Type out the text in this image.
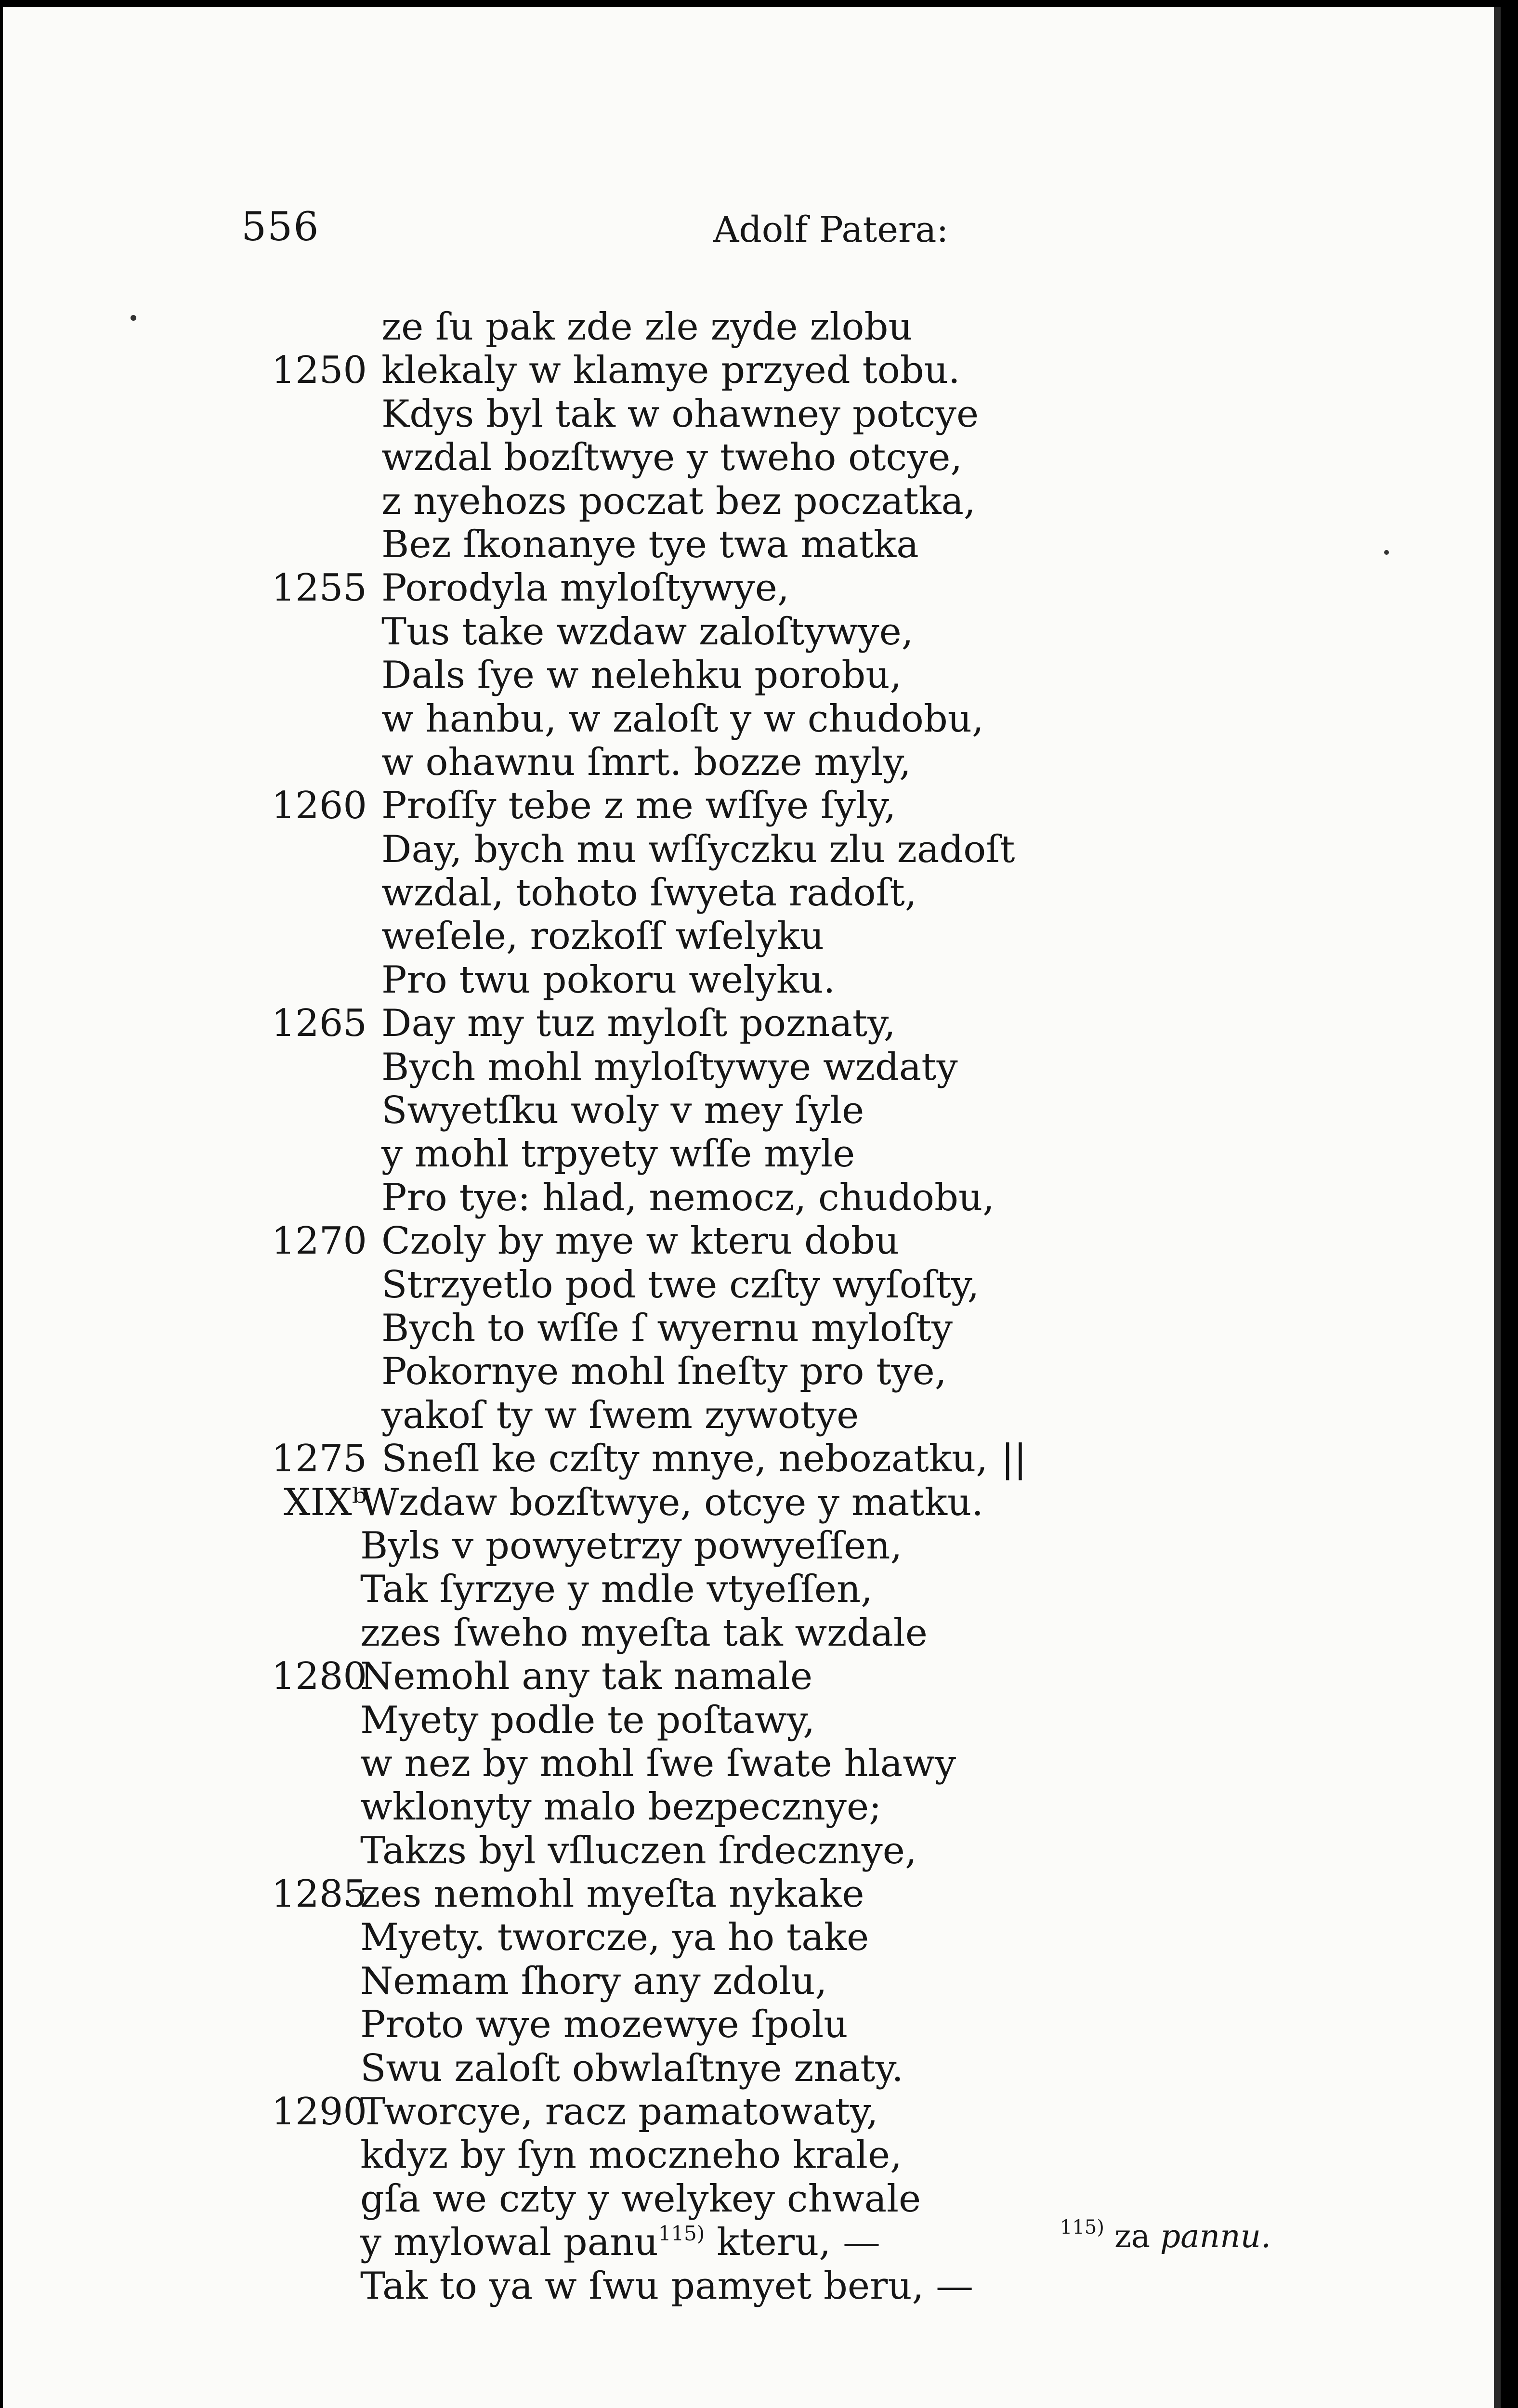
556	Adolf Patera:
ze ſu pak zde zle zyde zlobu
1250 klekaly w klamye przyed tobu.
Kdys byl tak w ohawney potcye
wzdal bozſtwye y tweho otcye,
z nyehozs poczat bez poczatka,
Bez ſkonanye tye twa matka
1255 Porodyla myloſtywye,
Tus take wzdaw zaloſtywye,
Dals ſye w nelehku porobu,
w hanbu, w zaloſt y w chudobu,
w ohawnu ſmrt. bozze myly,
1260 Proſſy tebe z me wſſye ſyly,
Day, bych mu wſſyczku zlu zadoſt
wzdal, tohoto ſwyeta radoſt,
weſele, rozkoſſ wſelyku
Pro twu pokoru welyku.
1265 Day my tuz myloſt poznaty,
Bych mohl myloſtywye wzdaty
Swyetſku woly v mey ſyle
y mohl trpyety wſſe myle
Pro tye: hlad, nemocz, chudobu,
1270 Czoly by mye w kteru dobu
Strzyetlo pod twe czſty wyſoſty,
Bych to wſſe ſ wyernu myloſty
Pokornye mohl ſneſty pro tye,
yakoſ ty w ſwem zywotye
1275 Sneſl ke czſty mnye, nebozatku, ||
XIXᵇ
Wzdaw bozſtwye, otcye y matku.
Byls v powyetrzy powyeſſen,
Tak ſyrzye y mdle vtyeſſen,
zzes ſweho myeſta tak wzdale
1280
Nemohl any tak namale
Myety podle te poſtawy,
w nez by mohl ſwe ſwate hlawy
wklonyty malo bezpecznye;
Takzs byl vſluczen ſrdecznye,
1285
zes nemohl myeſta nykake
Myety. tworcze, ya ho take
Nemam ſhory any zdolu,
Proto wye mozewye ſpolu
Swu zaloſt obwlaſtnye znaty.
1290
Tworcye, racz pamatowaty,
kdyz by ſyn moczneho krale,
gſa we czty y welykey chwale
y mylowal panu$^{115)}$ kteru, —
Tak to ya w ſwu pamyet beru, —
$^{115)}$ za pannu.
